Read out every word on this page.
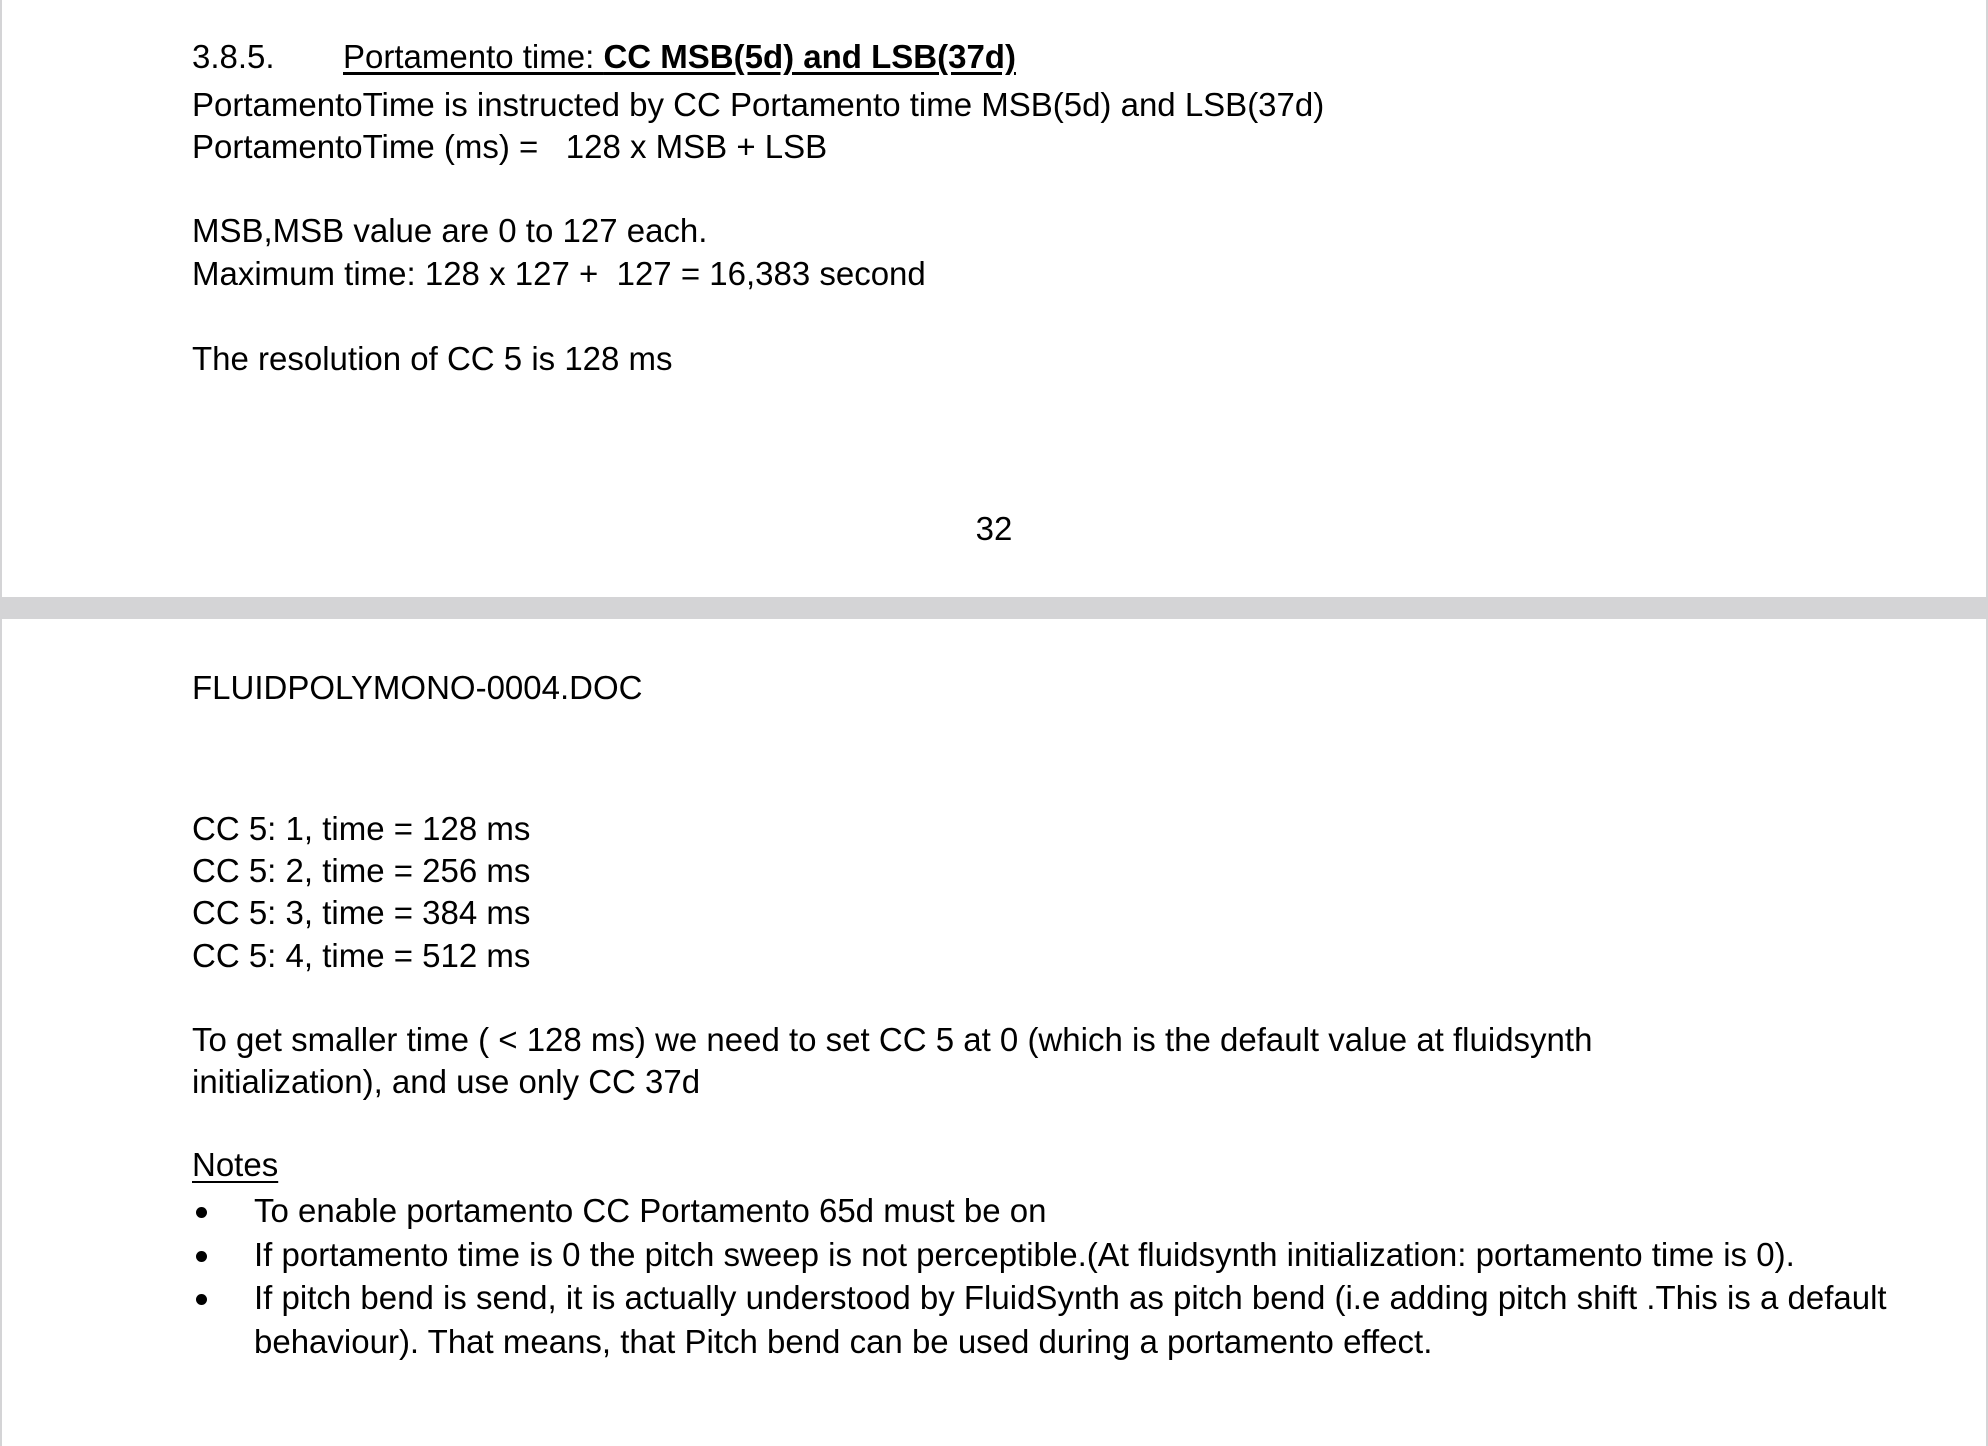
3.8.5. Portamento time: CC MSB(5d) and LSB(37d)
PortamentoTime is instructed by CC Portamento time MSB(5d) and LSB(37d)
PortamentoTime (ms) =   128 x MSB + LSB
MSB,MSB value are 0 to 127 each.
Maximum time: 128 x 127 +  127 = 16,383 second
The resolution of CC 5 is 128 ms
32
FLUIDPOLYMONO-0004.DOC
CC 5: 1, time = 128 ms
CC 5: 2, time = 256 ms
CC 5: 3, time = 384 ms
CC 5: 4, time = 512 ms
To get smaller time ( < 128 ms) we need to set CC 5 at 0 (which is the default value at fluidsynth
initialization), and use only CC 37d
Notes
To enable portamento CC Portamento 65d must be on
If portamento time is 0 the pitch sweep is not perceptible.(At fluidsynth initialization: portamento time is 0).
If pitch bend is send, it is actually understood by FluidSynth as pitch bend (i.e adding pitch shift .This is a default behaviour). That means, that Pitch bend can be used during a portamento effect.
